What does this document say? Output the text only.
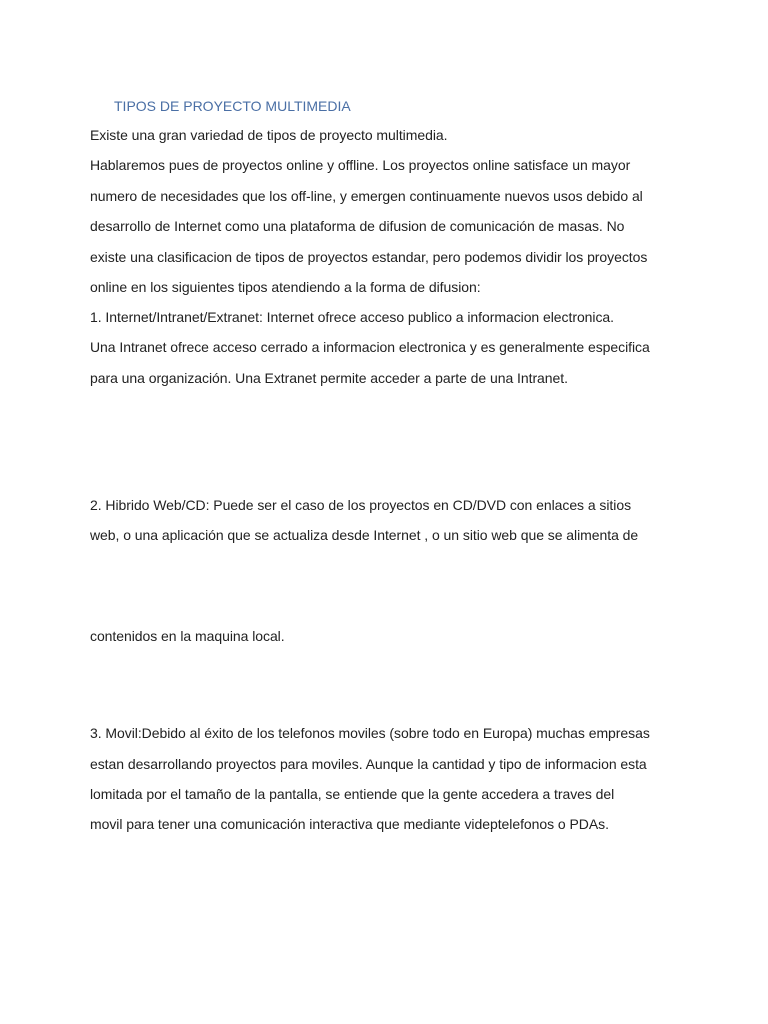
TIPOS DE PROYECTO MULTIMEDIA
Existe una gran variedad de tipos de proyecto multimedia.
Hablaremos pues de proyectos online y offline. Los proyectos online satisface un mayor
numero de necesidades que los off-line, y emergen continuamente nuevos usos debido al
desarrollo de Internet como una plataforma de difusion de comunicación de masas. No
existe una clasificacion de tipos de proyectos estandar, pero podemos dividir los proyectos
online en los siguientes tipos atendiendo a la forma de difusion:
1. Internet/Intranet/Extranet: Internet ofrece acceso publico a informacion electronica.
Una Intranet ofrece acceso cerrado a informacion electronica y es generalmente especifica
para una organización. Una Extranet permite acceder a parte de una Intranet.
2. Hibrido Web/CD: Puede ser el caso de los proyectos en CD/DVD con enlaces a sitios
web, o una aplicación que se actualiza desde Internet , o un sitio web que se alimenta de
contenidos en la maquina local.
3. Movil:Debido al éxito de los telefonos moviles (sobre todo en Europa) muchas empresas
estan desarrollando proyectos para moviles. Aunque la cantidad y tipo de informacion esta
lomitada por el tamaño de la pantalla, se entiende que la gente accedera a traves del
movil para tener una comunicación interactiva que mediante videptelefonos o PDAs.
